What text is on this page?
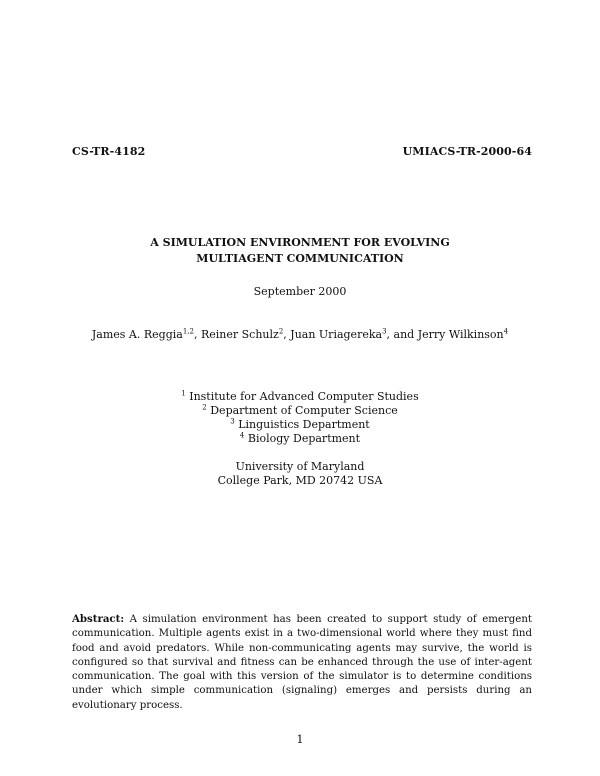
CS-TR-4182	UMIACS-TR-2000-64
A SIMULATION ENVIRONMENT FOR EVOLVING
MULTIAGENT COMMUNICATION
September 2000
James A. Reggia$^{1,2}$, Reiner Schulz$^2$, Juan Uriagereka$^3$, and Jerry Wilkinson$^4$
$^1$ Institute for Advanced Computer Studies
$^2$ Department of Computer Science
$^3$ Linguistics Department
$^4$ Biology Department
University of Maryland
College Park, MD 20742 USA
Abstract: A simulation environment has been created to support study of emergent communication. Multiple agents exist in a two-dimensional world where they must find food and avoid predators. While non-communicating agents may survive, the world is configured so that survival and fitness can be enhanced through the use of inter-agent communication. The goal with this version of the simulator is to determine conditions under which simple communication (signaling) emerges and persists during an evolutionary process.
1
